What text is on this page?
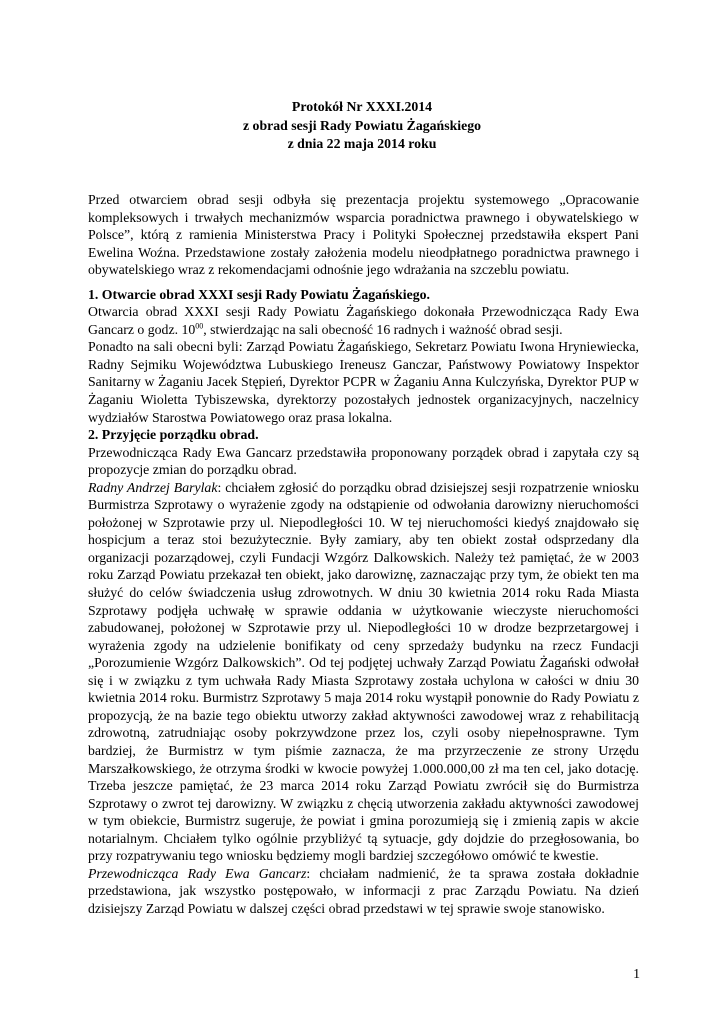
Protokół Nr XXXI.2014
z obrad sesji Rady Powiatu Żagańskiego
z dnia 22 maja 2014 roku

Przed otwarciem obrad sesji odbyła się prezentacja projektu systemowego „Opracowanie kompleksowych i trwałych mechanizmów wsparcia poradnictwa prawnego i obywatelskiego w Polsce”, którą z ramienia Ministerstwa Pracy i Polityki Społecznej przedstawiła ekspert Pani Ewelina Woźna. Przedstawione zostały założenia modelu nieodpłatnego poradnictwa prawnego i obywatelskiego wraz z rekomendacjami odnośnie jego wdrażania na szczeblu powiatu.

1. Otwarcie obrad XXXI sesji Rady Powiatu Żagańskiego.

Otwarcia obrad XXXI sesji Rady Powiatu Żagańskiego dokonała Przewodnicząca Rady Ewa Gancarz o godz. $10^{00}$, stwierdzając na sali obecność 16 radnych i ważność obrad sesji.

Ponadto na sali obecni byli: Zarząd Powiatu Żagańskiego, Sekretarz Powiatu Iwona Hryniewiecka, Radny Sejmiku Województwa Lubuskiego Ireneusz Ganczar, Państwowy Powiatowy Inspektor Sanitarny w Żaganiu Jacek Stępień, Dyrektor PCPR w Żaganiu Anna Kulczyńska, Dyrektor PUP w Żaganiu Wioletta Tybiszewska, dyrektorzy pozostałych jednostek organizacyjnych, naczelnicy wydziałów Starostwa Powiatowego oraz prasa lokalna.

2. Przyjęcie porządku obrad.

Przewodnicząca Rady Ewa Gancarz przedstawiła proponowany porządek obrad i zapytała czy są propozycje zmian do porządku obrad.

Radny Andrzej Barylak: chciałem zgłosić do porządku obrad dzisiejszej sesji rozpatrzenie wniosku Burmistrza Szprotawy o wyrażenie zgody na odstąpienie od odwołania darowizny nieruchomości położonej w Szprotawie przy ul. Niepodległości 10. W tej nieruchomości kiedyś znajdowało się hospicjum a teraz stoi bezużytecznie. Były zamiary, aby ten obiekt został odsprzedany dla organizacji pozarządowej, czyli Fundacji Wzgórz Dalkowskich. Należy też pamiętać, że w 2003 roku Zarząd Powiatu przekazał ten obiekt, jako darowiznę, zaznaczając przy tym, że obiekt ten ma służyć do celów świadczenia usług zdrowotnych. W dniu 30 kwietnia 2014 roku Rada Miasta Szprotawy podjęła uchwałę w sprawie oddania w użytkowanie wieczyste nieruchomości zabudowanej, położonej w Szprotawie przy ul. Niepodległości 10 w drodze bezprzetargowej i wyrażenia zgody na udzielenie bonifikaty od ceny sprzedaży budynku na rzecz Fundacji „Porozumienie Wzgórz Dalkowskich”. Od tej podjętej uchwały Zarząd Powiatu Żagański odwołał się i w związku z tym uchwała Rady Miasta Szprotawy została uchylona w całości w dniu 30 kwietnia 2014 roku. Burmistrz Szprotawy 5 maja 2014 roku wystąpił ponownie do Rady Powiatu z propozycją, że na bazie tego obiektu utworzy zakład aktywności zawodowej wraz z rehabilitacją zdrowotną, zatrudniając osoby pokrzywdzone przez los, czyli osoby niepełnosprawne. Tym bardziej, że Burmistrz w tym piśmie zaznacza, że ma przyrzeczenie ze strony Urzędu Marszałkowskiego, że otrzyma środki w kwocie powyżej 1.000.000,00 zł ma ten cel, jako dotację. Trzeba jeszcze pamiętać, że 23 marca 2014 roku Zarząd Powiatu zwrócił się do Burmistrza Szprotawy o zwrot tej darowizny. W związku z chęcią utworzenia zakładu aktywności zawodowej w tym obiekcie, Burmistrz sugeruje, że powiat i gmina porozumieją się i zmienią zapis w akcie notarialnym. Chciałem tylko ogólnie przybliżyć tą sytuacje, gdy dojdzie do przegłosowania, bo przy rozpatrywaniu tego wniosku będziemy mogli bardziej szczegółowo omówić te kwestie.

Przewodnicząca Rady Ewa Gancarz: chciałam nadmienić, że ta sprawa została dokładnie przedstawiona, jak wszystko postępowało, w informacji z prac Zarządu Powiatu. Na dzień dzisiejszy Zarząd Powiatu w dalszej części obrad przedstawi w tej sprawie swoje stanowisko.

1
